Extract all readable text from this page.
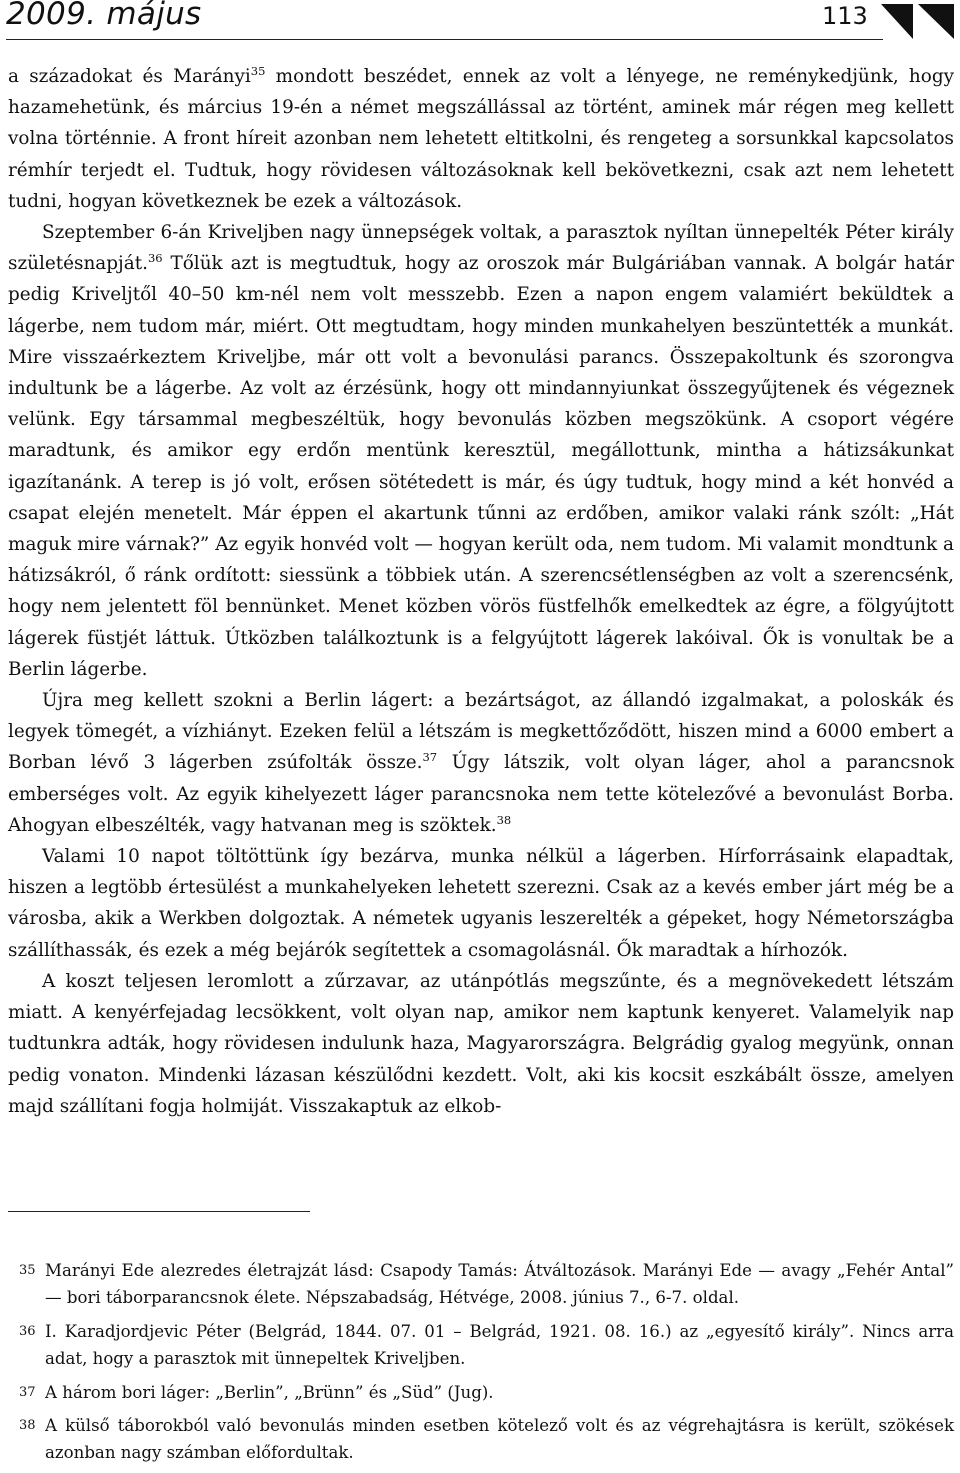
2009. május	113

a századokat és Marányi$^{35}$ mondott beszédet, ennek az volt a lényege, ne reménykedjünk, hogy hazamehetünk, és március 19-én a német megszállással az történt, aminek már régen meg kellett volna történnie. A front híreit azonban nem lehetett eltitkolni, és rengeteg a sorsunkkal kapcsolatos rémhír terjedt el. Tudtuk, hogy rövidesen változásoknak kell bekövetkezni, csak azt nem lehetett tudni, hogyan következnek be ezek a változások.

Szeptember 6-án Kriveljben nagy ünnepségek voltak, a parasztok nyíltan ünnepelték Péter király születésnapját.$^{36}$ Tőlük azt is megtudtuk, hogy az oroszok már Bulgáriában vannak. A bolgár határ pedig Kriveljtől 40–50 km-nél nem volt messzebb. Ezen a napon engem valamiért beküldtek a lágerbe, nem tudom már, miért. Ott megtudtam, hogy minden munkahelyen beszüntették a munkát. Mire visszaérkeztem Kriveljbe, már ott volt a bevonulási parancs. Összepakoltunk és szorongva indultunk be a lágerbe. Az volt az érzésünk, hogy ott mindannyiunkat összegyűjtenek és végeznek velünk. Egy társammal megbeszéltük, hogy bevonulás közben megszökünk. A csoport végére maradtunk, és amikor egy erdőn mentünk keresztül, megállottunk, mintha a hátizsákunkat igazítanánk. A terep is jó volt, erősen sötétedett is már, és úgy tudtuk, hogy mind a két honvéd a csapat elején menetelt. Már éppen el akartunk tűnni az erdőben, amikor valaki ránk szólt: „Hát maguk mire várnak?” Az egyik honvéd volt — hogyan került oda, nem tudom. Mi valamit mondtunk a hátizsákról, ő ránk ordított: siessünk a többiek után. A szerencsétlenségben az volt a szerencsénk, hogy nem jelentett föl bennünket. Menet közben vörös füstfelhők emelkedtek az égre, a fölgyújtott lágerek füstjét láttuk. Útközben találkoztunk is a felgyújtott lágerek lakóival. Ők is vonultak be a Berlin lágerbe.

Újra meg kellett szokni a Berlin lágert: a bezártságot, az állandó izgalmakat, a poloskák és legyek tömegét, a vízhiányt. Ezeken felül a létszám is megkettőződött, hiszen mind a 6000 embert a Borban lévő 3 lágerben zsúfolták össze.$^{37}$ Úgy látszik, volt olyan láger, ahol a parancsnok emberséges volt. Az egyik kihelyezett láger parancsnoka nem tette kötelezővé a bevonulást Borba. Ahogyan elbeszélték, vagy hatvanan meg is szöktek.$^{38}$

Valami 10 napot töltöttünk így bezárva, munka nélkül a lágerben. Hírforrásaink elapadtak, hiszen a legtöbb értesülést a munkahelyeken lehetett szerezni. Csak az a kevés ember járt még be a városba, akik a Werkben dolgoztak. A németek ugyanis leszerelték a gépeket, hogy Németországba szállíthassák, és ezek a még bejárók segítettek a csomagolásnál. Ők maradtak a hírhozók.

A koszt teljesen leromlott a zűrzavar, az utánpótlás megszűnte, és a megnövekedett létszám miatt. A kenyérfejadag lecsökkent, volt olyan nap, amikor nem kaptunk kenyeret. Valamelyik nap tudtunkra adták, hogy rövidesen indulunk haza, Magyarországra. Belgrádig gyalog megyünk, onnan pedig vonaton. Mindenki lázasan készülődni kezdett. Volt, aki kis kocsit eszkábált össze, amelyen majd szállítani fogja holmiját. Visszakaptuk az elkob-

35 Marányi Ede alezredes életrajzát lásd: Csapody Tamás: Átváltozások. Marányi Ede — avagy „Fehér Antal” — bori táborparancsnok élete. Népszabadság, Hétvége, 2008. június 7., 6-7. oldal.
36 I. Karadjordjevic Péter (Belgrád, 1844. 07. 01 – Belgrád, 1921. 08. 16.) az „egyesítő király”. Nincs arra adat, hogy a parasztok mit ünnepeltek Kriveljben.
37 A három bori láger: „Berlin”, „Brünn” és „Süd” (Jug).
38 A külső táborokból való bevonulás minden esetben kötelező volt és az végrehajtásra is került, szökések azonban nagy számban előfordultak.
